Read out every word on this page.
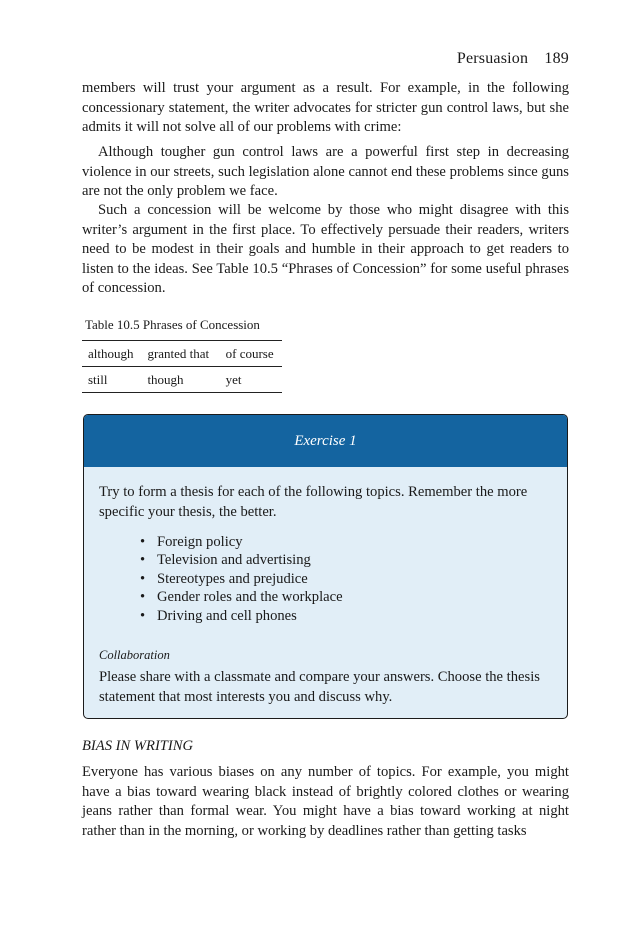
Persuasion 189

members will trust your argument as a result. For example, in the following concessionary statement, the writer advocates for stricter gun control laws, but she admits it will not solve all of our problems with crime:

Although tougher gun control laws are a powerful first step in decreasing violence in our streets, such legislation alone cannot end these problems since guns are not the only problem we face.

Such a concession will be welcome by those who might disagree with this writer’s argument in the first place. To effectively persuade their readers, writers need to be modest in their goals and humble in their approach to get readers to listen to the ideas. See Table 10.5 “Phrases of Concession” for some useful phrases of concession.

Table 10.5 Phrases of Concession
although	granted that	of course
still	though	yet
Exercise 1

Try to form a thesis for each of the following topics. Remember the more specific your thesis, the better.

• Foreign policy
• Television and advertising
• Stereotypes and prejudice
• Gender roles and the workplace
• Driving and cell phones
Collaboration

Please share with a classmate and compare your answers. Choose the thesis statement that most interests you and discuss why.

BIAS IN WRITING

Everyone has various biases on any number of topics. For example, you might have a bias toward wearing black instead of brightly colored clothes or wearing jeans rather than formal wear. You might have a bias toward working at night rather than in the morning, or working by deadlines rather than getting tasks
